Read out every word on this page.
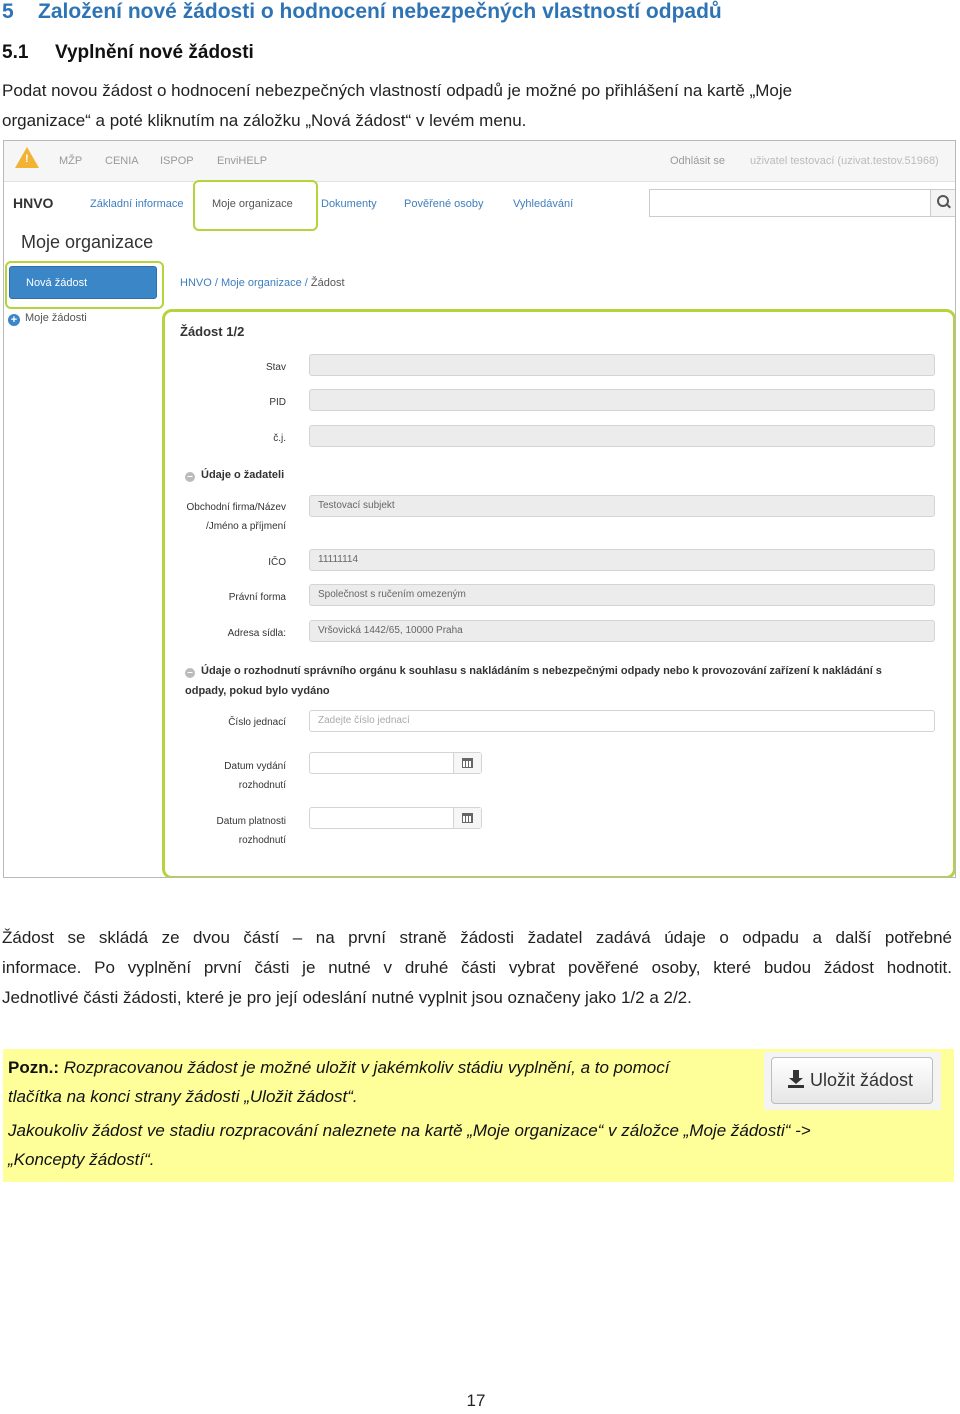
5 Založení nové žádosti o hodnocení nebezpečných vlastností odpadů
5.1 Vyplnění nové žádosti
Podat novou žádost o hodnocení nebezpečných vlastností odpadů je možné po přihlášení na kartě „Moje
organizace“ a poté kliknutím na záložku „Nová žádost“ v levém menu.
!	MŽP CENIA ISPOP EnviHELP	Odhlásit se uživatel testovací (uzivat.testov.51968)
HNVO	Základní informace	Moje organizace	Dokumenty Pověřené osoby	Vyhledávání
Moje organizace
Nová žádost
+ Moje žádosti
HNVO / Moje organizace / Žádost
Žádost 1/2
Stav
PID
č.j.
– Údaje o žadateli
Obchodní firma/Název
/Jméno a příjmení
Testovací subjekt
IČO	11111114
Právní forma	Společnost s ručením omezeným
Adresa sídla:	Vršovická 1442/65, 10000 Praha
– Údaje o rozhodnutí správního orgánu k souhlasu s nakládáním s nebezpečnými odpady nebo k provozování zařízení k nakládání s
odpady, pokud bylo vydáno
Číslo jednací	Zadejte číslo jednací
Datum vydání
rozhodnutí
Datum platnosti
rozhodnutí
Žádost se skládá ze dvou částí – na první straně žádosti žadatel zadává údaje o odpadu a další potřebné
informace. Po vyplnění první části je nutné v druhé části vybrat pověřené osoby, které budou žádost hodnotit.
Jednotlivé části žádosti, které je pro její odeslání nutné vyplnit jsou označeny jako 1/2 a 2/2.
Pozn.: Rozpracovanou žádost je možné uložit v jakémkoliv stádiu vyplnění, a to pomocí
tlačítka na konci strany žádosti „Uložit žádost“.
Jakoukoliv žádost ve stadiu rozpracování naleznete na kartě „Moje organizace“ v záložce „Moje žádosti“ ->
„Koncepty žádostí“.
Uložit žádost
17
